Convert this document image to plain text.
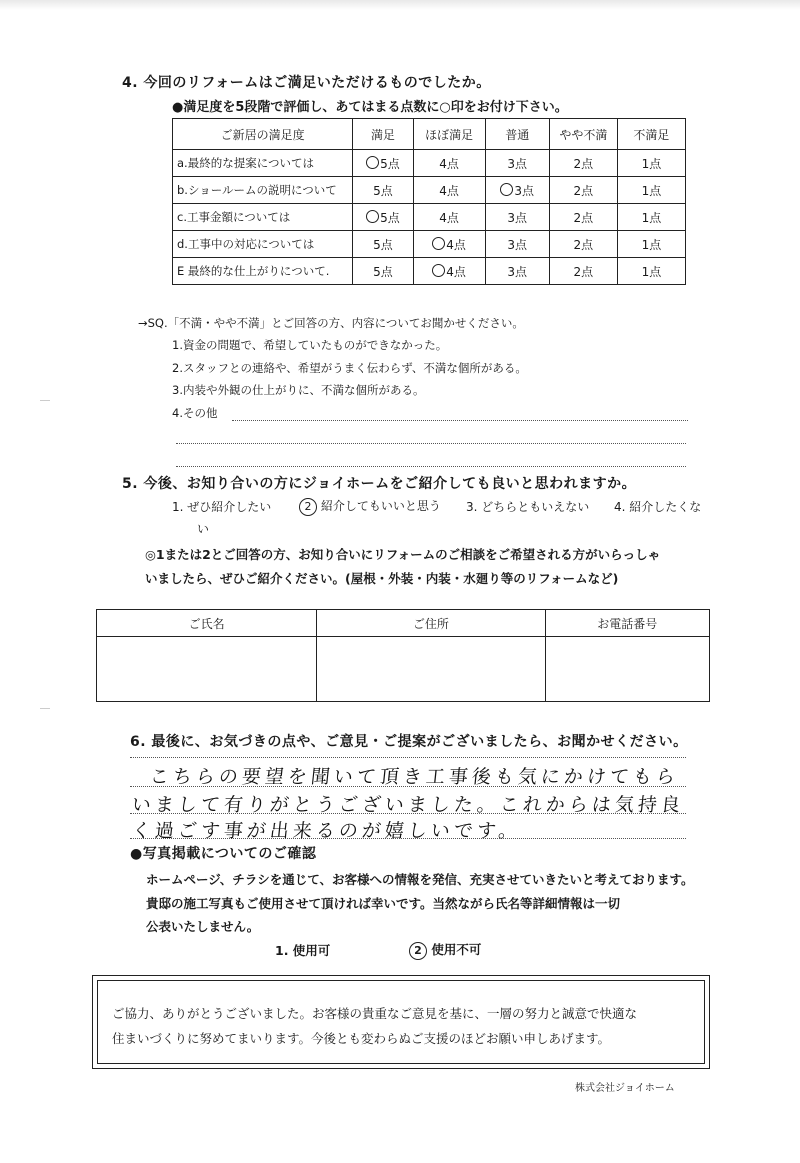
4. 今回のリフォームはご満足いただけるものでしたか。
●満足度を5段階で評価し、あてはまる点数に○印をお付け下さい。
ご新居の満足度	満足	ほぼ満足	普通	やや不満	不満足
a.最終的な提案については	5点	4点	3点	2点	1点
b.ショールームの説明について	5点	4点	3点	2点	1点
c.工事金額については	5点	4点	3点	2点	1点
d.工事中の対応については	5点	4点	3点	2点	1点
E 最終的な仕上がりについて.	5点	4点	3点	2点	1点
→SQ.「不満・やや不満」とご回答の方、内容についてお聞かせください。
1.資金の問題で、希望していたものができなかった。
2.スタッフとの連絡や、希望がうまく伝わらず、不満な個所がある。
3.内装や外観の仕上がりに、不満な個所がある。
4.その他
5. 今後、お知り合いの方にジョイホームをご紹介しても良いと思われますか。
1. ぜひ紹介したい	2 紹介してもいいと思う 3. どちらともいえない 4. 紹介したくな
い
◎1または2とご回答の方、お知り合いにリフォームのご相談をご希望される方がいらっしゃ
いましたら、ぜひご紹介ください。(屋根・外装・内装・水廻り等のリフォームなど)
ご氏名	ご住所	お電話番号

6. 最後に、お気づきの点や、ご意見・ご提案がございましたら、お聞かせください。
こちらの要望を聞いて頂き工事後も気にかけてもら
いまして有りがとうございました。これからは気持良
く過ごす事が出来るのが嬉しいです。
●写真掲載についてのご確認
ホームページ、チラシを通じて、お客様への情報を発信、充実させていきたいと考えております。
貴邸の施工写真もご使用させて頂ければ幸いです。当然ながら氏名等詳細情報は一切
公表いたしません。
1. 使用可	2 使用不可
ご協力、ありがとうございました。お客様の貴重なご意見を基に、一層の努力と誠意で快適な
住まいづくりに努めてまいります。今後とも変わらぬご支援のほどお願い申しあげます。
株式会社ジョイホーム
